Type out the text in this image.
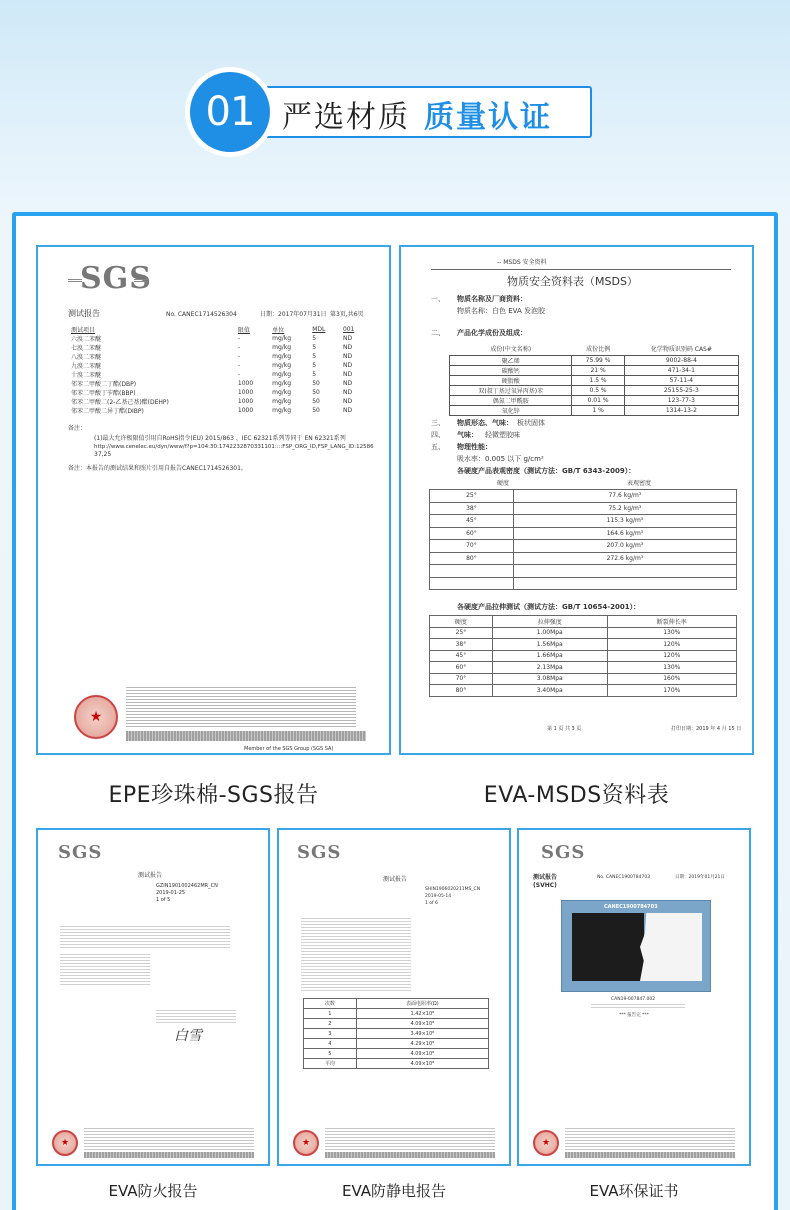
01 严选材质 质量认证
SGS
测试报告	No. CANEC1714526304	日期：2017年07月31日 第3页,共6页
测试项目	限值	单位	MDL	001
六溴二苯醚	-	mg/kg	5	ND
七溴二苯醚	-	mg/kg	5	ND
八溴二苯醚	-	mg/kg	5	ND
九溴二苯醚	-	mg/kg	5	ND
十溴二苯醚	-	mg/kg	5	ND
邻苯二甲酸二丁酯(DBP)	1000	mg/kg	50	ND
邻苯二甲酸丁苄酯(BBP)	1000	mg/kg	50	ND
邻苯二甲酸二(2-乙基己基)酯(DEHP)	1000	mg/kg	50	ND
邻苯二甲酸二异丁酯(DIBP)	1000	mg/kg	50	ND
备注：
(1)最大允许极限值引用自RoHS指令(EU) 2015/863 、IEC 62321系列等同于 EN 62321系列
http://www.cenelec.eu/dyn/www/f?p=104:30:1742232870331101::::FSP_ORG_ID,FSP_LANG_ID:12586
37,25
备注：本报告的测试结果和照片引用自报告CANEC1714526301。
★
Member of the SGS Group (SGS SA)
EPE珍珠棉-SGS报告
-- MSDS 安全资料
物质安全资料表（MSDS）
一、 物质名称及厂商资料：
物质名称：白色 EVA 发泡胶
二、 产品化学成份及组成：
成份(中文名称)	成份比例	化学物质识别码 CAS#
聚乙烯	75.99 %	9002-88-4
碳酸钙	21 %	471-34-1
硬脂酸	1.5 %	57-11-4
双(叔丁基过氧异丙基)苯	0.5 %	25155-25-3
偶氮二甲酰胺	0.01 %	123-77-3
氧化锌	1 %	1314-13-2
三、 物质形态、气味： 板状固体
四、 气味： 轻微塑胶味
五、 物理性能：
吸水率：0.005 以下 g/cm²
各硬度产品表观密度（测试方法：GB/T 6343-2009）：
硬度	表观密度
25°	77.6 kg/m³
38°	75.2 kg/m³
45°	115.3 kg/m³
60°	164.6 kg/m³
70°	207.0 kg/m³
80°	272.6 kg/m³

各硬度产品拉伸测试（测试方法：GB/T 10654-2001）：
硬度	拉伸强度	断裂伸长率
25°	1.00Mpa	130%
38°	1.56Mpa	120%
45°	1.66Mpa	120%
60°	2.13Mpa	130%
70°	3.08Mpa	160%
80°	3.40Mpa	170%
第 1 页 共 3 页	打印日期：2019 年 4 月 15 日
EVA-MSDS资料表
SGS
测试报告
GZIN1901002462MR_CN
2019-01-25
1 of 5
白雪
★
EVA防火报告
SGS
测试报告
SHIN1906020211MS_CN
2019-05-14
1 of 6
次数	表面电阻率(Ω)
1	1.42×10⁸
2	4.09×10⁸
3	3.49×10⁸
4	4.29×10⁸
5	4.09×10⁸
平均	4.09×10⁸
★
EVA防静电报告
SGS
测试报告
(SVHC)
No. CANEC1900784703	日期：2019年01月21日
CANEC1900784703
CAN19-007847.002
*** 报告完 ***
★
EVA环保证书
